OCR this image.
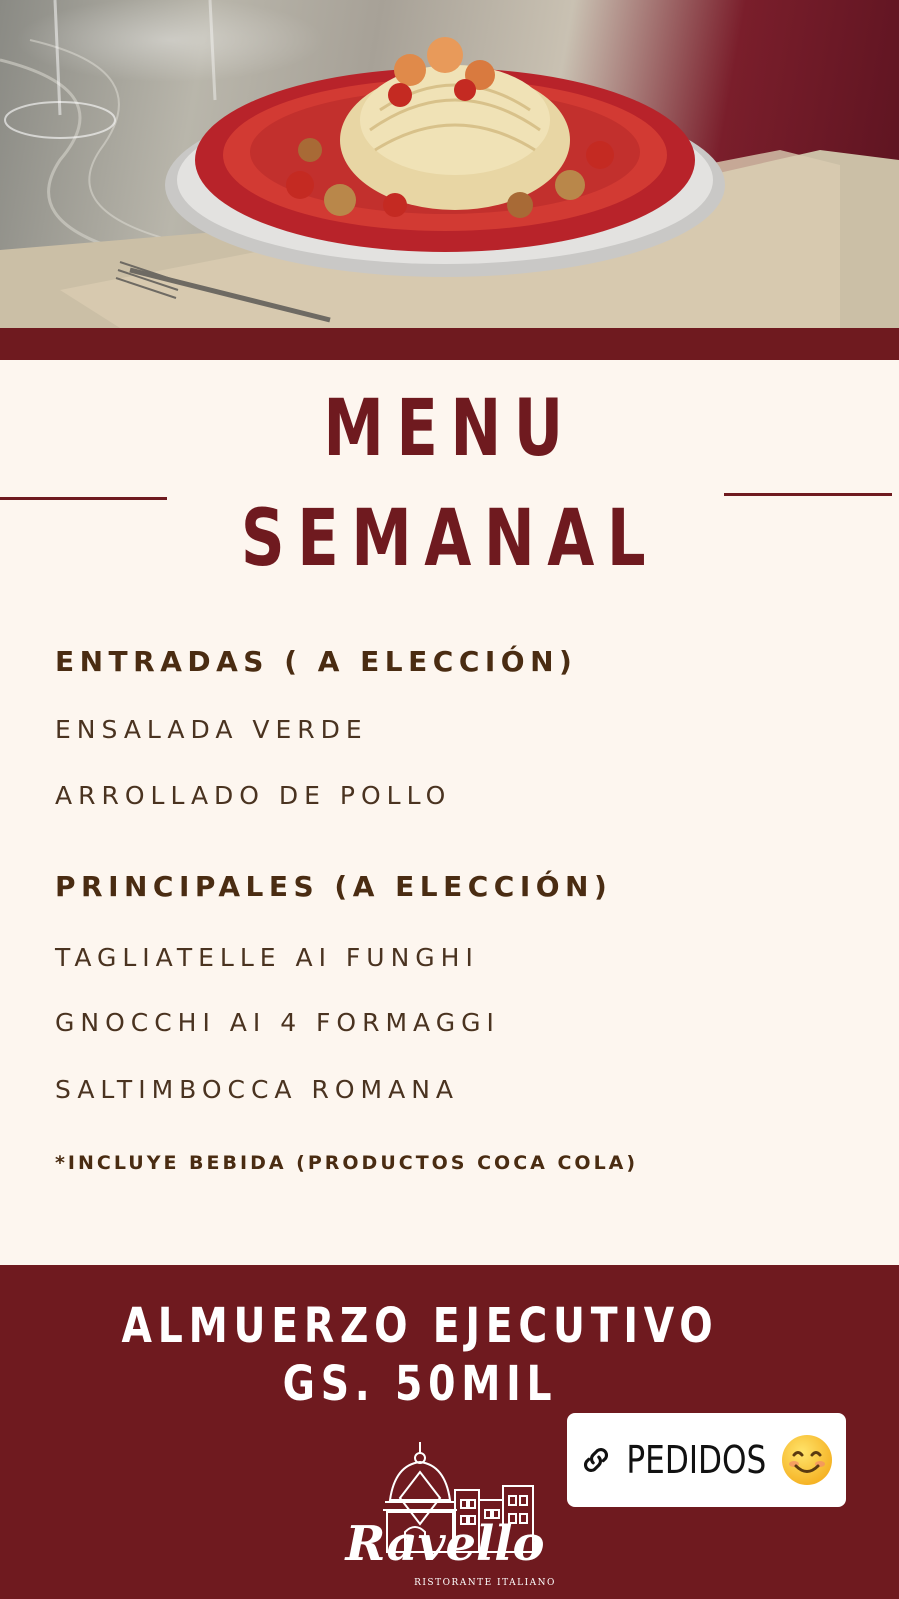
MENU
SEMANAL
ENTRADAS ( A ELECCIÓN)
ENSALADA VERDE
ARROLLADO DE POLLO
PRINCIPALES (A ELECCIÓN)
TAGLIATELLE AI FUNGHI
GNOCCHI AI 4 FORMAGGI
SALTIMBOCCA ROMANA
*INCLUYE BEBIDA (PRODUCTOS COCA COLA)
ALMUERZO EJECUTIVO
GS. 50MIL
PEDIDOS
Ravello
RISTORANTE ITALIANO
